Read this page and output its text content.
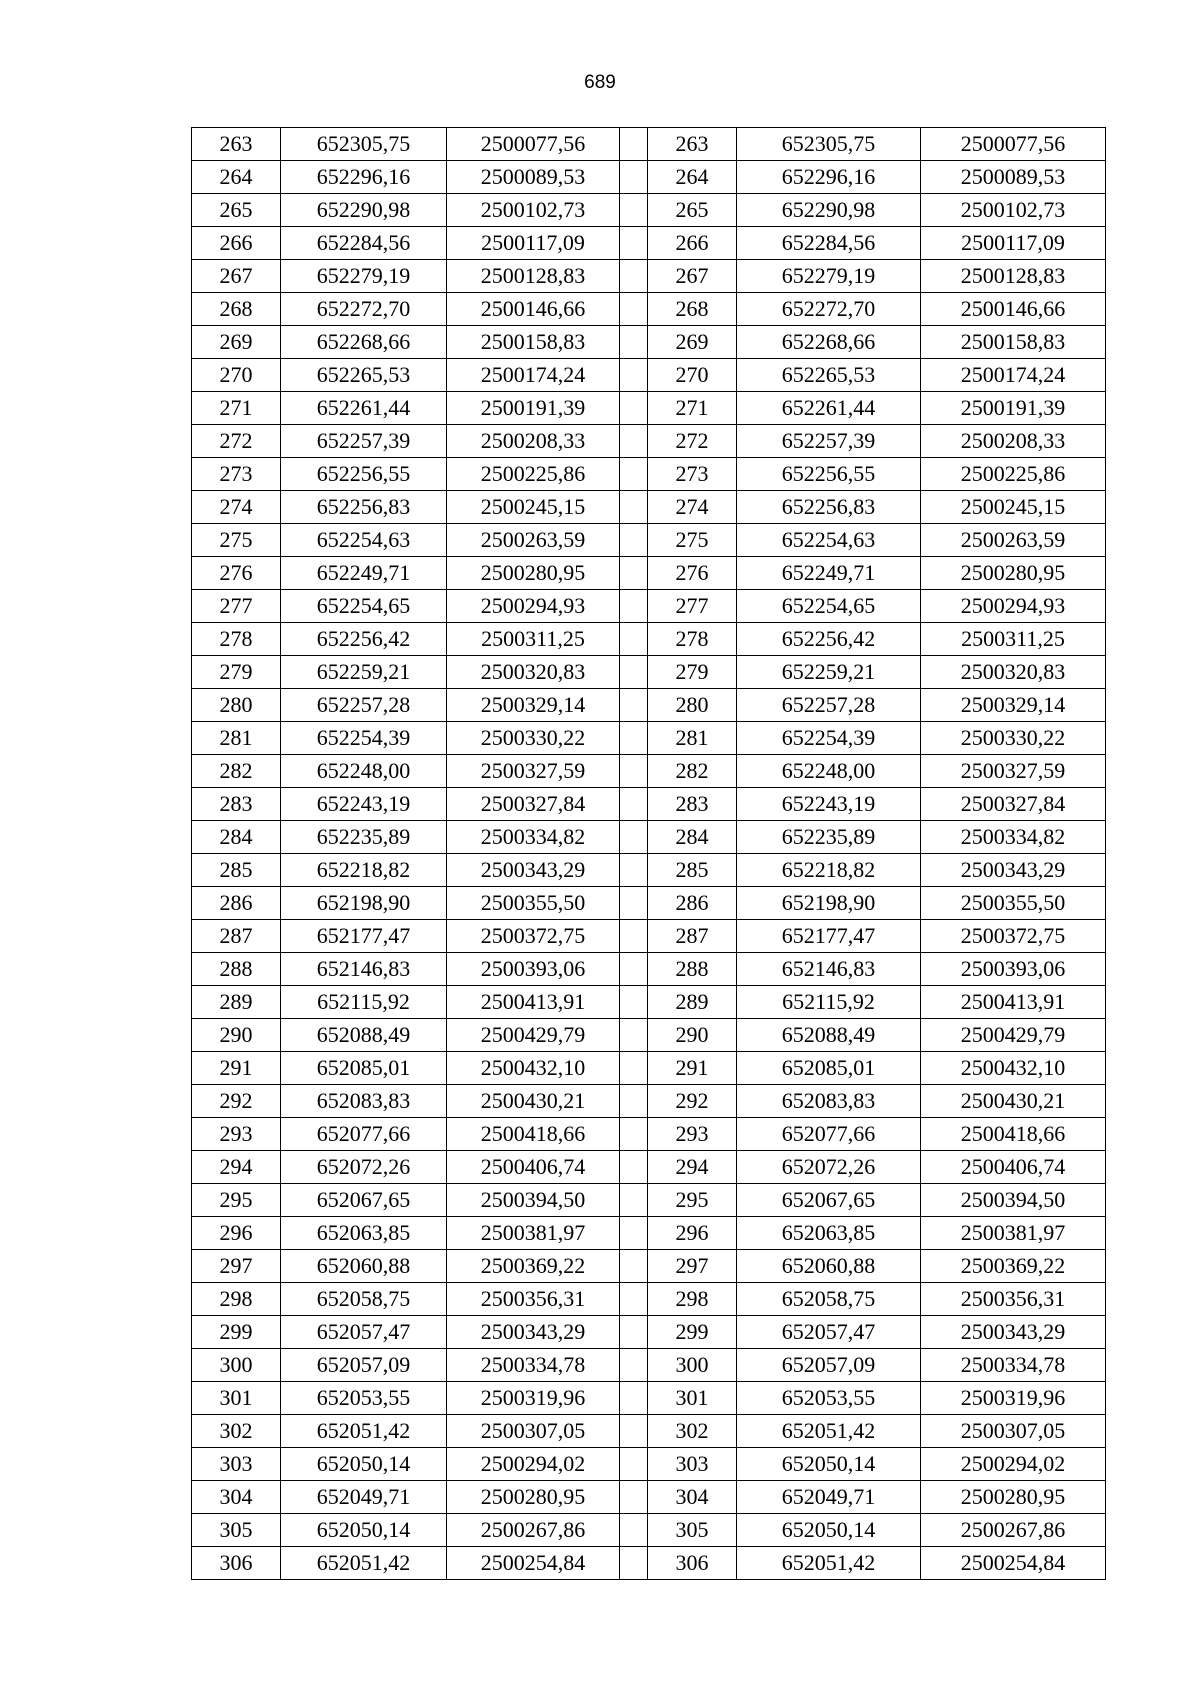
689
263	652305,75	2500077,56		263	652305,75	2500077,56
264	652296,16	2500089,53		264	652296,16	2500089,53
265	652290,98	2500102,73		265	652290,98	2500102,73
266	652284,56	2500117,09		266	652284,56	2500117,09
267	652279,19	2500128,83		267	652279,19	2500128,83
268	652272,70	2500146,66		268	652272,70	2500146,66
269	652268,66	2500158,83		269	652268,66	2500158,83
270	652265,53	2500174,24		270	652265,53	2500174,24
271	652261,44	2500191,39		271	652261,44	2500191,39
272	652257,39	2500208,33		272	652257,39	2500208,33
273	652256,55	2500225,86		273	652256,55	2500225,86
274	652256,83	2500245,15		274	652256,83	2500245,15
275	652254,63	2500263,59		275	652254,63	2500263,59
276	652249,71	2500280,95		276	652249,71	2500280,95
277	652254,65	2500294,93		277	652254,65	2500294,93
278	652256,42	2500311,25		278	652256,42	2500311,25
279	652259,21	2500320,83		279	652259,21	2500320,83
280	652257,28	2500329,14		280	652257,28	2500329,14
281	652254,39	2500330,22		281	652254,39	2500330,22
282	652248,00	2500327,59		282	652248,00	2500327,59
283	652243,19	2500327,84		283	652243,19	2500327,84
284	652235,89	2500334,82		284	652235,89	2500334,82
285	652218,82	2500343,29		285	652218,82	2500343,29
286	652198,90	2500355,50		286	652198,90	2500355,50
287	652177,47	2500372,75		287	652177,47	2500372,75
288	652146,83	2500393,06		288	652146,83	2500393,06
289	652115,92	2500413,91		289	652115,92	2500413,91
290	652088,49	2500429,79		290	652088,49	2500429,79
291	652085,01	2500432,10		291	652085,01	2500432,10
292	652083,83	2500430,21		292	652083,83	2500430,21
293	652077,66	2500418,66		293	652077,66	2500418,66
294	652072,26	2500406,74		294	652072,26	2500406,74
295	652067,65	2500394,50		295	652067,65	2500394,50
296	652063,85	2500381,97		296	652063,85	2500381,97
297	652060,88	2500369,22		297	652060,88	2500369,22
298	652058,75	2500356,31		298	652058,75	2500356,31
299	652057,47	2500343,29		299	652057,47	2500343,29
300	652057,09	2500334,78		300	652057,09	2500334,78
301	652053,55	2500319,96		301	652053,55	2500319,96
302	652051,42	2500307,05		302	652051,42	2500307,05
303	652050,14	2500294,02		303	652050,14	2500294,02
304	652049,71	2500280,95		304	652049,71	2500280,95
305	652050,14	2500267,86		305	652050,14	2500267,86
306	652051,42	2500254,84		306	652051,42	2500254,84
